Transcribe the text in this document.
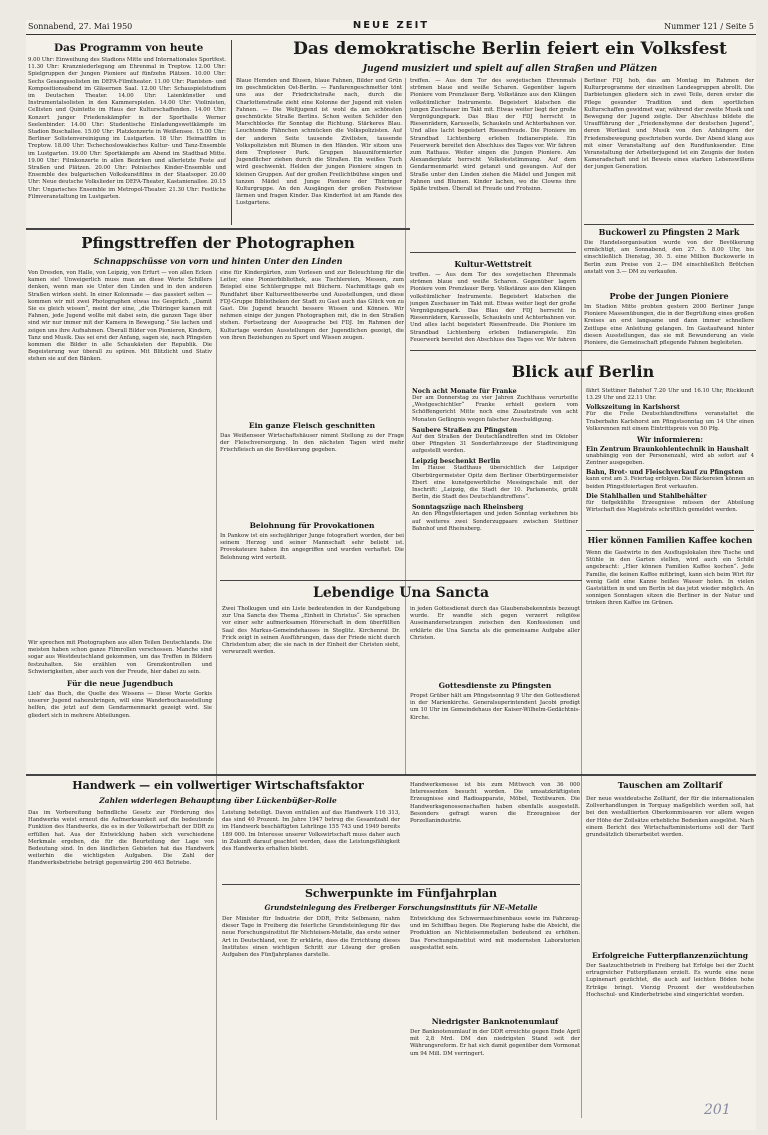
Sonnabend, 27. Mai 1950	NEUE ZEIT	Nummer 121 / Seite 5
Das Programm von heute
9.00 Uhr: Einweihung des Stadions Mitte und Internationales Sportfest. 11.30 Uhr: Kranzniederlegung am Ehrenmal in Treptow. 12.00 Uhr: Spielgruppen der Jungen Pioniere auf fünfzehn Plätzen. 10.00 Uhr: Sechs Gesangssolisten im DEFA-Filmtheater. 11.00 Uhr: Pianisten- und Kompositionsabend im Gläsernen Saal. 12.00 Uhr: Schauspielstudium im Deutschen Theater. 14.00 Uhr: Laienkünstler und Instrumentalsolisten in den Kammerspielen. 14.00 Uhr: Violinisten, Cellisten und Quintette im Haus der Kulturschaffenden. 14.00 Uhr: Konzert junger Friedenskämpfer in der Sporthalle Werner Seelenbinder. 14.00 Uhr: Studentische Einladungswettkämpfe im Stadion Buschallee. 15.00 Uhr: Platzkonzerte in Weißensee. 15.00 Uhr: Berliner Solistenvereinigung im Lustgarten. 18 Uhr: Heimatfilm in Treptow. 18.00 Uhr: Tschechoslowakisches Kultur- und Tanz-Ensemble im Lustgarten. 19.00 Uhr: Sportkämpfe am Abend im Stadtbad Mitte. 19.00 Uhr: Filmkonzerte in allen Bezirken und allerletzte Feste auf Straßen und Plätzen. 20.00 Uhr: Polnisches Kinder-Ensemble und Ensemble des bulgarischen Volkskunstfilms in der Staatsoper. 20.00 Uhr: Neue deutsche Volkslieder im DEFA-Theater, Kastanienallee. 20.15 Uhr: Ungarisches Ensemble im Metropol-Theater. 21.30 Uhr: Festliche Filmveranstaltung im Lustgarten.
Das demokratische Berlin feiert ein Volksfest
Jugend musiziert und spielt auf allen Straßen und Plätzen
Blaue Hemden und Blusen, blaue Fahnen, Bilder und Grün im geschmückten Ost-Berlin. — Fanfarengeschmetter tönt uns aus der Friedrichstraße nach, durch die Charlottenstraße zieht eine Kolonne der Jugend mit vielen Fahnen. — Die Weltjugend ist wohl da am schönsten geschmückte Straße Berlins. Schon weiten Schilder den Marschblocks für Sonntag die Richtung. Stärkeres Blau. Leuchtende Fähnchen schmücken die Volkspolizisten. Auf der anderen Seite tausende Zivilisten, tausende Volkspolizisten mit Blumen in den Händen. Wir sitzen uns dem Treptower Park. Gruppen blauuniformierter Jugendlicher ziehen durch die Straßen. Ein weißes Tuch wird geschwenkt. Helden der jungen Pioniere singen in kleinen Gruppen. Auf der großen Freilichtbühne singen und tanzen Mädel und Junge Pioniere der Thüringer Kulturgruppe. An den Ausgängen der großen Festwiese lärmen und fragen Kinder. Das Kinderfest ist am Rande des Lustgartens.
treffen. — Aus dem Tor des sowjetischen Ehrenmals strömen blaue und weiße Scharen. Gegenüber lagern Pioniere vom Prenzlauer Berg. Volkstänze aus den Klängen volkstümlicher Instrumente. Begeistert klatschen die jungen Zuschauer im Takt mit. Etwas weiter liegt der große Vergnügungspark. Das Blau der FDJ herrscht in Riesenrädern, Karussells, Schaukeln und Achterbahnen vor. Und alles lacht begeistert Riesenfreude. Die Pioniere im Strandbad Lichtenberg erleben Indianerspiele. Ein Feuerwerk bereitet den Abschluss des Tages vor. Wir fahren zum Rathaus. Weiter singen die Jungen Pioniere. Am Alexanderplatz herrscht Volksfeststimmung. Auf dem Gendarmenmarkt wird getanzt und gesungen. Auf der Straße unter den Linden ziehen die Mädel und Jungen mit Fahnen und Blumen. Kinder lachen, wo die Clowns ihre Späße treiben. Überall ist Freude und Frohsinn.
Berliner FDJ hob, das am Montag im Rahmen der Kulturprogramme der einzelnen Landesgruppen abrollt. Die Darbietungen gliedern sich in zwei Teile, deren erster die Pflege gesunder Tradition und dem sportlichen Kulturschaffen gewidmet war, während der zweite Musik und Bewegung der Jugend zeigte. Der Abschluss bildete die Uraufführung der „Friedenshymne der deutschen Jugend“, deren Wortlaut und Musik von den Anhängern der Friedensbewegung geschrieben wurde. Der Abend klang aus mit einer Veranstaltung auf den Rundfunksender. Eine Veranstaltung der Arbeiterjugend ist ein Zeugnis der festen Kameradschaft und ist Beweis eines starken Lebenswillens der jungen Generation.
Buckowerl zu Pfingsten 2 Mark
Die Handelsorganisation wurde von der Bevölkerung ermächtigt, am Sonnabend, den 27. 5. 8.00 Uhr, bis einschließlich Dienstag, 30. 5. eine Million Buckowerle in Berlin zum Preise von 2.— DM einschließlich Brötchen anstatt von 3.— DM zu verkaufen.
Probe der Jungen Pioniere
Im Stadion Mitte probten gestern 2000 Berliner Junge Pioniere Massenübungen, die in der Begrüßung eines großen Kreises an erst langsame und dann immer schnellere Zeitlupe eine Anleitung gelangen. Im Gastaufwand hinter diesen Ausstellungen, das sie mit Bewunderung an viele Pioniere, die Gemeinschaft pflegende Fahnen begleiteten.
Kultur-Wettstreit
treffen. — Aus dem Tor des sowjetischen Ehrenmals strömen blaue und weiße Scharen. Gegenüber lagern Pioniere vom Prenzlauer Berg. Volkstänze aus den Klängen volkstümlicher Instrumente. Begeistert klatschen die jungen Zuschauer im Takt mit. Etwas weiter liegt der große Vergnügungspark. Das Blau der FDJ herrscht in Riesenrädern, Karussells, Schaukeln und Achterbahnen vor. Und alles lacht begeistert Riesenfreude. Die Pioniere im Strandbad Lichtenberg erleben Indianerspiele. Ein Feuerwerk bereitet den Abschluss des Tages vor. Wir fahren
Pfingsttreffen der Photographen
Schnappschüsse von vorn und hinten Unter den Linden
Von Dresden, von Halle, von Leipzig, von Erfurt — von allen Ecken kamen sie! Unweigerlich muss man an diese Worte Schillers denken, wenn man sie Unter den Linden und in den anderen Straßen wirken sieht. In einer Kolonnade — das passiert selten — kommen wir mit zwei Photographen etwas ins Gespräch. „Damit Sie es gleich wissen“, meint der eine, „die Thüringer kamen mit Fahnen, jede Jugend wollte mit dabei sein, die ganzen Tage über sind wir nur immer mit der Kamera in Bewegung.“ Sie lachen und zeigen uns ihre Aufnahmen. Überall Bilder von Pionieren, Kindern, Tanz und Musik. Das sei erst der Anfang, sagen sie, nach Pfingsten kommen die Bilder in alle Schaukästen der Republik. Die Begeisterung war überall zu spüren. Mit Blitzlicht und Stativ stehen sie auf den Bänken.
eine für Kindergärten, zum Vorlesen und zur Beleuchtung für die Leiter, eine Pionierbibliothek, aus Tischlereien, Messen, zum Beispiel eine Schülergruppe mit Büchern. Nachmittags gab es Rundfahrt über Kulturwettbewerbe und Ausstellungen, und diese FDJ-Gruppe Bibliotheken der Stadt zu Gast auch das Glück von zu Gast. Die Jugend braucht bessere Wissen und Können. Wir nehmen einige der jungen Photographen mit, die in den Straßen stehen. Fortsetzung der Aussprache bei FDJ. Im Rahmen der Kulturtage werden Ausstellungen der Jugendlichen gezeigt, die von ihren Beziehungen zu Sport und Wissen zeugen.
Ein ganze Fleisch geschnitten
Das Weißenseer Wirtschaftshäuser nimmt Stellung zu der Frage der Fleischversorgung. In den nächsten Tagen wird mehr Frischfleisch an die Bevölkerung gegeben.
Belohnung für Provokationen
In Pankow ist ein sechsjähriger Junge fotografiert worden, der bei seinem Herzog und seiner Mannschaft sehr beliebt ist. Provokateure haben ihn angegriffen und wurden verhaftet. Die Belohnung wird verteilt.
Für die neue Jugendbuch
Lieb‘ das Buch, die Quelle des Wissens — Diese Worte Gorkis unserer Jugend nahezubringen, will eine Wanderbuchausstellung helfen, die jetzt auf dem Gendarmenmarkt gezeigt wird. Sie gliedert sich in mehrere Abteilungen.
Wir sprechen mit Photographen aus allen Teilen Deutschlands. Die meisten haben schon ganze Filmrollen verschossen. Manche sind sogar aus Westdeutschland gekommen, um das Treffen in Bildern festzuhalten. Sie erzählen von Grenzkontrollen und Schwierigkeiten, aber auch von der Freude, hier dabei zu sein.
Blick auf Berlin
Noch acht Monate für Franke
Der am Donnerstag zu vier Jahren Zuchthaus verurteilte „Westgeschichtler“ Franke erhielt gestern vom Schöffengericht Mitte noch eine Zusatzstrafe von acht Monaten Gefängnis wegen falscher Anschuldigung.
Saubere Straßen zu Pfingsten
Auf den Straßen der Deutschlandtreffen sind im Oktober über Pfingsten 31 Sonderfahrzeuge der Stadtreinigung aufgestellt worden.
Leipzig beschenkt Berlin
Im Hause Stadthaus übersichtlich der Leipziger Oberbürgermeister Opitz dem Berliner Oberbürgermeister Ebert eine kunstgewerbliche Messingschale mit der Inschrift: „Leipzig, die Stadt der 10. Parlaments, grüßt Berlin, die Stadt des Deutschlandtreffens“.
Sonntagszüge nach Rheinsberg
An den Pfingstfeiertagen und jeden Sonntag verkehren bis auf weiteres zwei Sonderzugpaare zwischen Stettiner Bahnhof und Rheinsberg.
fährt Stettiner Bahnhof 7.20 Uhr und 16.10 Uhr, Rückkunft 13.29 Uhr und 22.11 Uhr.
Volkszeitung in Karlshorst
Für die Freie Deutschlandtreffens veranstaltet die Traberbahn Karlshorst am Pfingstsonntag um 14 Uhr einen Volksrennen mit einem Eintrittspreis von 50 Pfg.
Wir informieren:
Ein Zentrum Braunkohlentechnik in Haushalt
unabhängig von der Personenzahl, wird ab sofort auf 4 Zentner ausgegeben.
Bahn, Brot- und Fleischverkauf zu Pfingsten
kann erst am 3. Feiertag erfolgen. Die Bäckereien können an beiden Pfingstfeiertagen Brot verkaufen.
Die Stahlhallen und Stahlbehälter
für tiefgekühlte Erzeugnisse müssen der Abteilung Wirtschaft des Magistrats schriftlich gemeldet werden.
Hier können Familien Kaffee kochen
Wenn die Gastwirte in den Ausflugslokalen ihre Tische und Stühle in den Garten stellen, wird auch ein Schild angebracht: „Hier können Familien Kaffee kochen“. Jede Familie, die keinen Kaffee mitbringt, kann sich beim Wirt für wenig Geld eine Kanne heißes Wasser holen. In vielen Gaststätten in und um Berlin ist das jetzt wieder möglich. An sonnigen Sonntagen sitzen die Berliner in der Natur und trinken ihren Kaffee im Grünen.
Lebendige Una Sancta
Zwei Tholkugen und ein Liste bedeutenden in der Kundgebung zur Una Sancta des Thema „Einheit in Christus“. Sie sprachen vor einer sehr aufmerksamen Hörerschaft in dem überfüllten Saal des Markus-Gemeindehauses in Steglitz. Kirchenrat Dr. Frick zeigt in seinen Ausführungen, dass der Friede nicht durch Christentum aber, die sie nach in der Einheit der Christen sieht, verwurzelt werden.
in jeden Gottesdienst durch das Glaubensbekenntnis bezeugt wurde. Er wandte sich gegen verzerrt religiöse Auseinandersetzungen zwischen den Konfessionen und erklärte die Una Sancta als die gemeinsame Aufgabe aller Christen.
Gottesdienste zu Pfingsten
Propst Grüber hält am Pfingstsonntag 9 Uhr den Gottesdienst in der Marienkirche. Generalsuperintendent Jacobi predigt um 10 Uhr im Gemeindehaus der Kaiser-Wilhelm-Gedächtnis-Kirche.
Handwerk — ein vollwertiger Wirtschaftsfaktor
Zahlen widerlegen Behauptung über Lückenbüßer-Rolle
Das im Vorbereitung befindliche Gesetz zur Förderung des Handwerks weist erneut die Aufmerksamkeit auf die bedeutende Funktion des Handwerks, die es in der Volkswirtschaft der DDR zu erfüllen hat. Aus der Entwicklung haben sich verschiedene Merkmale ergeben, die für die Beurteilung der Lage von Bedeutung sind. In den ländlichen Gebieten hat das Handwerk weiterhin die wichtigsten Aufgaben. Die Zahl der Handwerksbetriebe beträgt gegenwärtig 290 463 Betriebe.
Leistung beteiligt. Davon entfallen auf das Handwerk 116 313, das sind 40 Prozent. Im Jahre 1947 betrug die Gesamtzahl der im Handwerk beschäftigten Lehrlinge 155 743 und 1949 bereits 189 000. Im Interesse unserer Volkswirtschaft muss daher auch in Zukunft darauf geachtet werden, dass die Leistungsfähigkeit des Handwerks erhalten bleibt.
Handwerksmesse ist bis zum Mittwoch von 36 000 Interessenten besucht worden. Die umsatzkräftigsten Erzeugnisse sind Radioapparate, Möbel, Textilwaren. Die Handwerksgenossenschaften haben ebenfalls ausgestellt. Besonders gefragt waren die Erzeugnisse der Porzellanindustrie.
Schwerpunkte im Fünfjahrplan
Grundsteinlegung des Freiberger Forschungsinstituts für NE-Metalle
Der Minister für Industrie der DDR, Fritz Selbmann, nahm dieser Tage in Freiberg die feierliche Grundsteinlegung für das neue Forschungsinstitut für Nichteisen-Metalle, das erste seiner Art in Deutschland, vor. Er erklärte, dass die Errichtung dieses Institutes einen wichtigen Schritt zur Lösung der großen Aufgaben des Fünfjahrplanes darstelle.
Entwicklung des Schwermaschinenbaus sowie im Fahrzeug- und im Schiffbau liegen. Die Regierung habe die Absicht, die Produktion an Nichteisenmetallen bedeutend zu erhöhen. Das Forschungsinstitut wird mit modernsten Laboratorien ausgestattet sein.
Niedrigster Banknotenumlauf
Der Banknotenumlauf in der DDR erreichte gegen Ende April mit 2,8 Mrd. DM den niedrigsten Stand seit der Währungsreform. Er hat sich damit gegenüber dem Vormonat um 94 Mill. DM verringert.
Tauschen am Zolltarif
Der neue westdeutsche Zolltarif, der für die internationalen Zollverhandlungen in Torquay maßgeblich werden soll, hat bei den westalliierten Oberkommissaren vor allem wegen der Höhe der Zollsätze erhebliche Bedenken ausgelöst. Nach einem Bericht des Wirtschaftsministeriums soll der Tarif grundsätzlich überarbeitet werden.
Erfolgreiche Futterpflanzenzüchtung
Der Saatzuchtbetrieb in Freiberg hat Erfolge bei der Zucht ertragreicher Futterpflanzen erzielt. Es wurde eine neue Lupinenart gezüchtet, die auch auf leichten Böden hohe Erträge bringt. Vierzig Prozent der westdeutschen Hochschul- und Kinderbetriebe sind eingerichtet worden.
201
